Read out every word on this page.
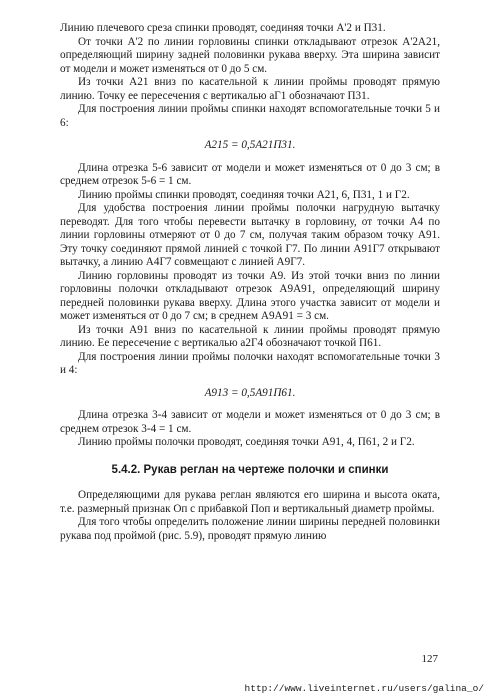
Линию плечевого среза спинки проводят, соединяя точки А'2 и П31.

От точки А'2 по линии горловины спинки откладывают отрезок А'2А21, определяющий ширину задней половинки рукава вверху. Эта ширина зависит от модели и может изменяться от 0 до 5 см.

Из точки А21 вниз по касательной к линии проймы проводят прямую линию. Точку ее пересечения с вертикалью аГ1 обозначают П31.

Для построения линии проймы спинки находят вспомогательные точки 5 и 6:

А215 = 0,5А21П31.

Длина отрезка 5-6 зависит от модели и может изменяться от 0 до 3 см; в среднем отрезок 5-6 = 1 см.

Линию проймы спинки проводят, соединяя точки А21, 6, П31, 1 и Г2.

Для удобства построения линии проймы полочки нагрудную вытачку переводят. Для того чтобы перевести вытачку в горловину, от точки А4 по линии горловины отмеряют от 0 до 7 см, получая таким образом точку А91. Эту точку соединяют прямой линией с точкой Г7. По линии А91Г7 открывают вытачку, а линию А4Г7 совмещают с линией А9Г7.

Линию горловины проводят из точки А9. Из этой точки вниз по линии горловины полочки откладывают отрезок А9А91, определяющий ширину передней половинки рукава вверху. Длина этого участка зависит от модели и может изменяться от 0 до 7 см; в среднем А9А91 = 3 см.

Из точки А91 вниз по касательной к линии проймы проводят прямую линию. Ее пересечение с вертикалью а2Г4 обозначают точкой П61.

Для построения линии проймы полочки находят вспомогательные точки 3 и 4:

А913 = 0,5А91П61.

Длина отрезка 3-4 зависит от модели и может изменяться от 0 до 3 см; в среднем отрезок 3-4 = 1 см.

Линию проймы полочки проводят, соединяя точки А91, 4, П61, 2 и Г2.

5.4.2. Рукав реглан на чертеже полочки и спинки

Определяющими для рукава реглан являются его ширина и высота оката, т.е. размерный признак Оп с прибавкой Поп и вертикальный диаметр проймы.

Для того чтобы определить положение линии ширины передней половинки рукава под проймой (рис. 5.9), проводят прямую линию

127
http://www.liveinternet.ru/users/galina_o/
